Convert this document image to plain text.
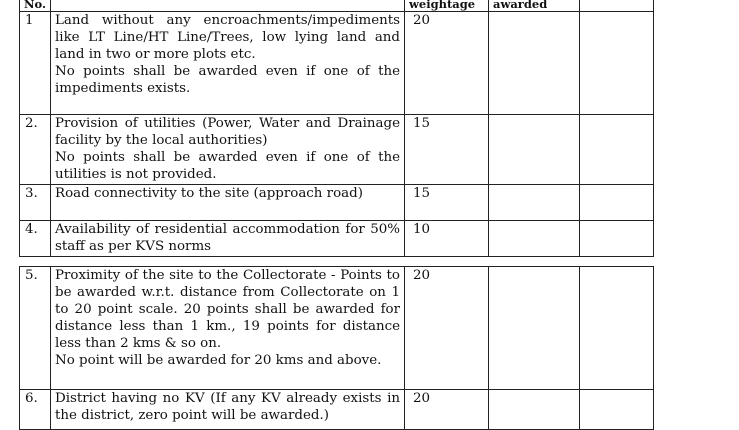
No.		weightage	awarded	
1	Land without any encroachments/impediments like LT Line/HT Line/Trees, low lying land and land in two or more plots etc.

No points shall be awarded even if one of the impediments exists.	20		
2.	Provision of utilities (Power, Water and Drainage facility by the local authorities)

No points shall be awarded even if one of the utilities is not provided.	15		
3.	Road connectivity to the site (approach road)	15		
4.	Availability of residential accommodation for 50% staff as per KVS norms	10		
5.	Proximity of the site to the Collectorate - Points to be awarded w.r.t. distance from Collectorate on 1 to 20 point scale. 20 points shall be awarded for distance less than 1 km., 19 points for distance less than 2 kms & so on.

No point will be awarded for 20 kms and above.	20		
6.	District having no KV (If any KV already exists in the district, zero point will be awarded.)	20		
